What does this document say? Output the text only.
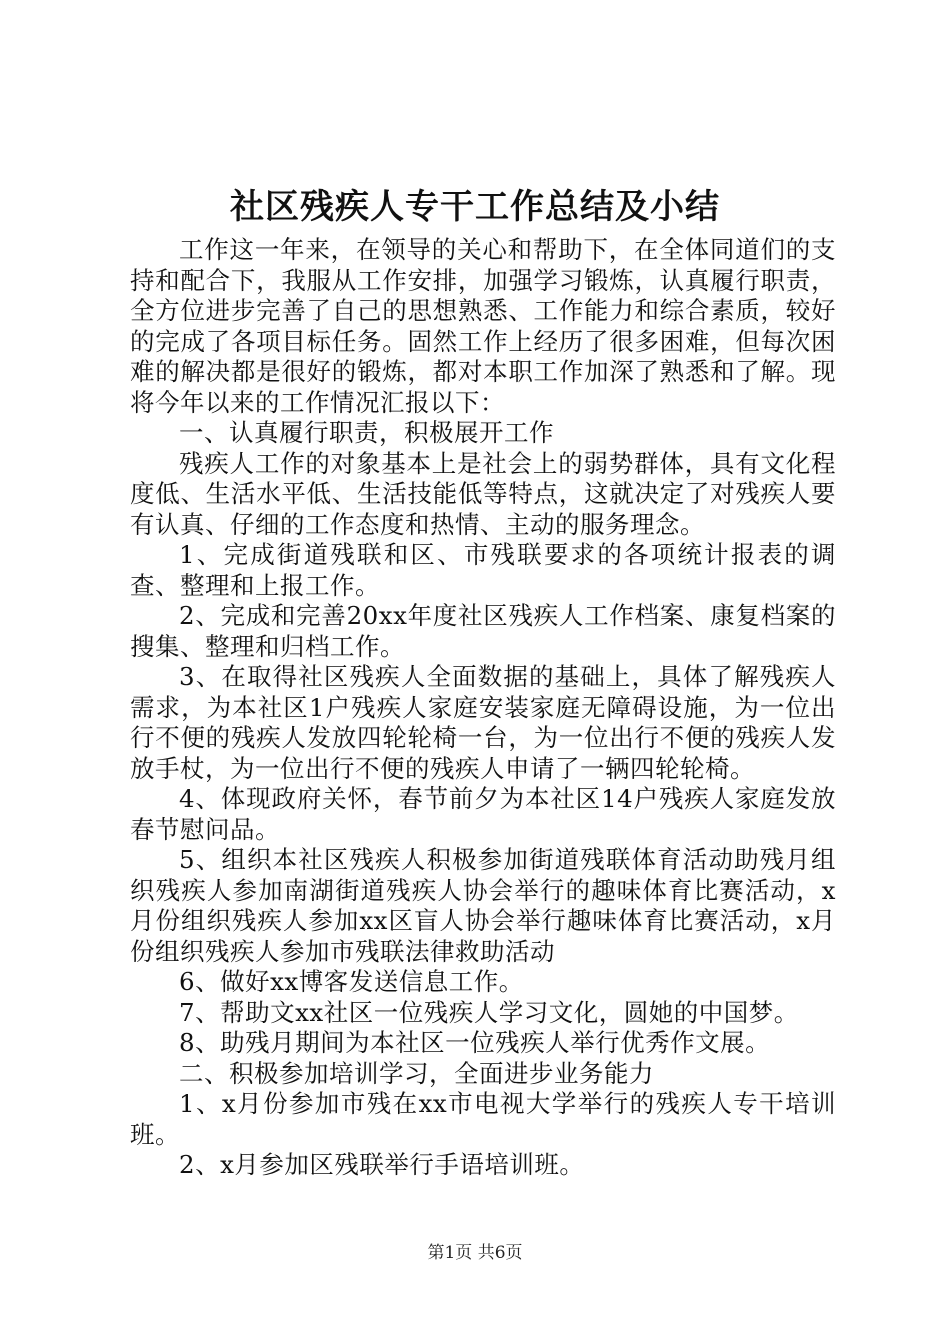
社区残疾人专干工作总结及小结

工作这一年来，在领导的关心和帮助下，在全体同道们的支持和配合下，我服从工作安排，加强学习锻炼，认真履行职责，全方位进步完善了自己的思想熟悉、工作能力和综合素质，较好的完成了各项目标任务。固然工作上经历了很多困难，但每次困难的解决都是很好的锻炼，都对本职工作加深了熟悉和了解。现将今年以来的工作情况汇报以下：

一、认真履行职责，积极展开工作

残疾人工作的对象基本上是社会上的弱势群体，具有文化程度低、生活水平低、生活技能低等特点，这就决定了对残疾人要有认真、仔细的工作态度和热情、主动的服务理念。

1、完成街道残联和区、市残联要求的各项统计报表的调查、整理和上报工作。

2、完成和完善20xx年度社区残疾人工作档案、康复档案的搜集、整理和归档工作。

3、在取得社区残疾人全面数据的基础上，具体了解残疾人需求，为本社区1户残疾人家庭安装家庭无障碍设施，为一位出行不便的残疾人发放四轮轮椅一台，为一位出行不便的残疾人发放手杖，为一位出行不便的残疾人申请了一辆四轮轮椅。

4、体现政府关怀，春节前夕为本社区14户残疾人家庭发放春节慰问品。

5、组织本社区残疾人积极参加街道残联体育活动助残月组织残疾人参加南湖街道残疾人协会举行的趣味体育比赛活动，x月份组织残疾人参加xx区盲人协会举行趣味体育比赛活动，x月份组织残疾人参加市残联法律救助活动

6、做好xx博客发送信息工作。

7、帮助文xx社区一位残疾人学习文化，圆她的中国梦。

8、助残月期间为本社区一位残疾人举行优秀作文展。

二、积极参加培训学习，全面进步业务能力

1、x月份参加市残在xx市电视大学举行的残疾人专干培训班。

2、x月参加区残联举行手语培训班。

第1页 共6页
